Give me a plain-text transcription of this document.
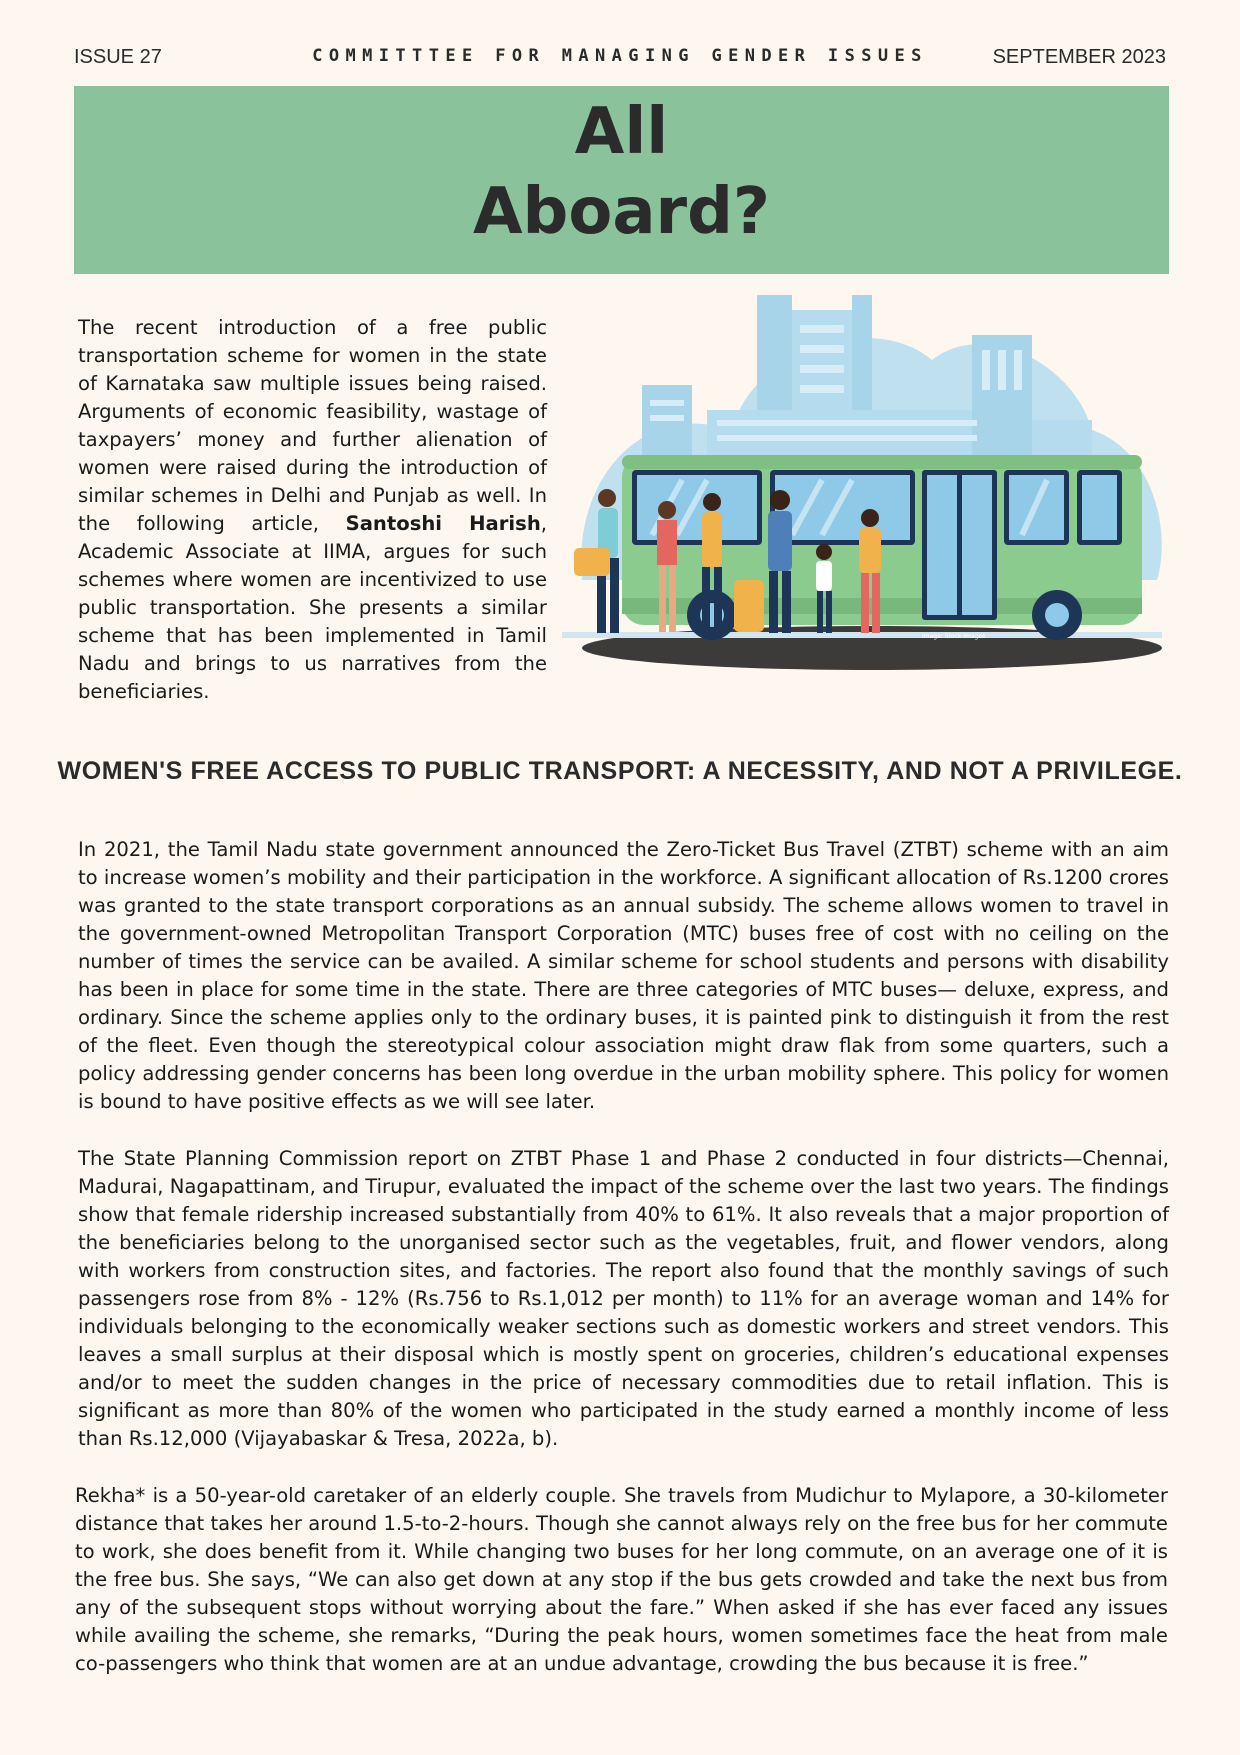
ISSUE 27	COMMITTTEE FOR MANAGING GENDER ISSUES	SEPTEMBER 2023
All
Aboard?

The recent introduction of a free public transportation scheme for women in the state of Karnataka saw multiple issues being raised. Arguments of economic feasibility, wastage of taxpayers’ money and further alienation of women were raised during the introduction of similar schemes in Delhi and Punjab as well. In the following article, Santoshi Harish, Academic Associate at IIMA, argues for such schemes where women are incentivized to use public transportation. She presents a similar scheme that has been implemented in Tamil Nadu and brings to us narratives from the beneficiaries.

Image: Stock Images
WOMEN'S FREE ACCESS TO PUBLIC TRANSPORT: A NECESSITY, AND NOT A PRIVILEGE.

In 2021, the Tamil Nadu state government announced the Zero-Ticket Bus Travel (ZTBT) scheme with an aim to increase women’s mobility and their participation in the workforce. A significant allocation of Rs.1200 crores was granted to the state transport corporations as an annual subsidy. The scheme allows women to travel in the government-owned Metropolitan Transport Corporation (MTC) buses free of cost with no ceiling on the number of times the service can be availed. A similar scheme for school students and persons with disability has been in place for some time in the state. There are three categories of MTC buses— deluxe, express, and ordinary. Since the scheme applies only to the ordinary buses, it is painted pink to distinguish it from the rest of the fleet. Even though the stereotypical colour association might draw flak from some quarters, such a policy addressing gender concerns has been long overdue in the urban mobility sphere. This policy for women is bound to have positive effects as we will see later.

The State Planning Commission report on ZTBT Phase 1 and Phase 2 conducted in four districts—Chennai, Madurai, Nagapattinam, and Tirupur, evaluated the impact of the scheme over the last two years. The findings show that female ridership increased substantially from 40% to 61%. It also reveals that a major proportion of the beneficiaries belong to the unorganised sector such as the vegetables, fruit, and flower vendors, along with workers from construction sites, and factories. The report also found that the monthly savings of such passengers rose from 8% - 12% (Rs.756 to Rs.1,012 per month) to 11% for an average woman and 14% for individuals belonging to the economically weaker sections such as domestic workers and street vendors. This leaves a small surplus at their disposal which is mostly spent on groceries, children’s educational expenses and/or to meet the sudden changes in the price of necessary commodities due to retail inflation. This is significant as more than 80% of the women who participated in the study earned a monthly income of less than Rs.12,000 (Vijayabaskar & Tresa, 2022a, b).

Rekha* is a 50-year-old caretaker of an elderly couple. She travels from Mudichur to Mylapore, a 30-kilometer distance that takes her around 1.5-to-2-hours. Though she cannot always rely on the free bus for her commute to work, she does benefit from it. While changing two buses for her long commute, on an average one of it is the free bus. She says, “We can also get down at any stop if the bus gets crowded and take the next bus from any of the subsequent stops without worrying about the fare.” When asked if she has ever faced any issues while availing the scheme, she remarks, “During the peak hours, women sometimes face the heat from male co-passengers who think that women are at an undue advantage, crowding the bus because it is free.”
